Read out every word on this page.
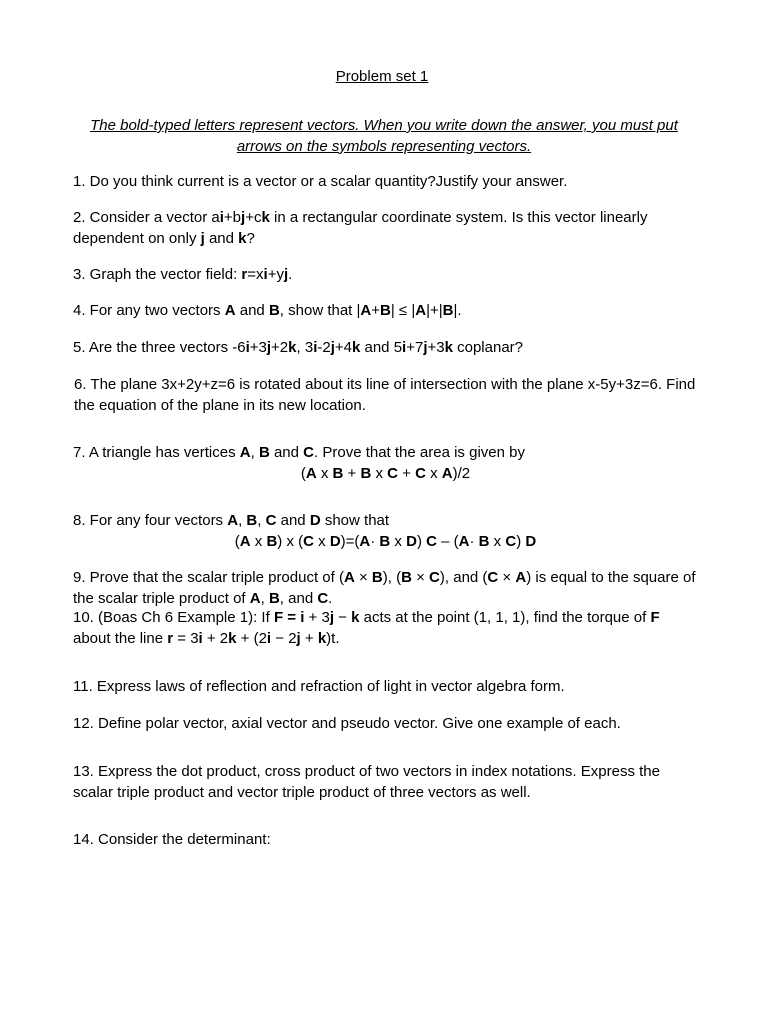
Problem set 1
The bold-typed letters represent vectors. When you write down the answer, you must put arrows on the symbols representing vectors.

1. Do you think current is a vector or a scalar quantity?Justify your answer.

2. Consider a vector ai+bj+ck in a rectangular coordinate system. Is this vector linearly dependent on only j and k?

3. Graph the vector field: r=xi+yj.

4. For any two vectors A and B, show that |A+B| ≤ |A|+|B|.

5. Are the three vectors -6i+3j+2k, 3i-2j+4k and 5i+7j+3k coplanar?

6. The plane 3x+2y+z=6 is rotated about its line of intersection with the plane x-5y+3z=6. Find the equation of the plane in its new location.

7. A triangle has vertices A, B and C. Prove that the area is given by
(A x B + B x C + C x A)/2
8. For any four vectors A, B, C and D show that
(A x B) x (C x D)=(A· B x D) C – (A· B x C) D

9. Prove that the scalar triple product of (A × B), (B × C), and (C × A) is equal to the square of the scalar triple product of A, B, and C.

10. (Boas Ch 6 Example 1): If F = i + 3j − k acts at the point (1, 1, 1), find the torque of F about the line r = 3i + 2k + (2i − 2j + k)t.

11. Express laws of reflection and refraction of light in vector algebra form.

12. Define polar vector, axial vector and pseudo vector. Give one example of each.

13. Express the dot product, cross product of two vectors in index notations. Express the scalar triple product and vector triple product of three vectors as well.

14. Consider the determinant:
